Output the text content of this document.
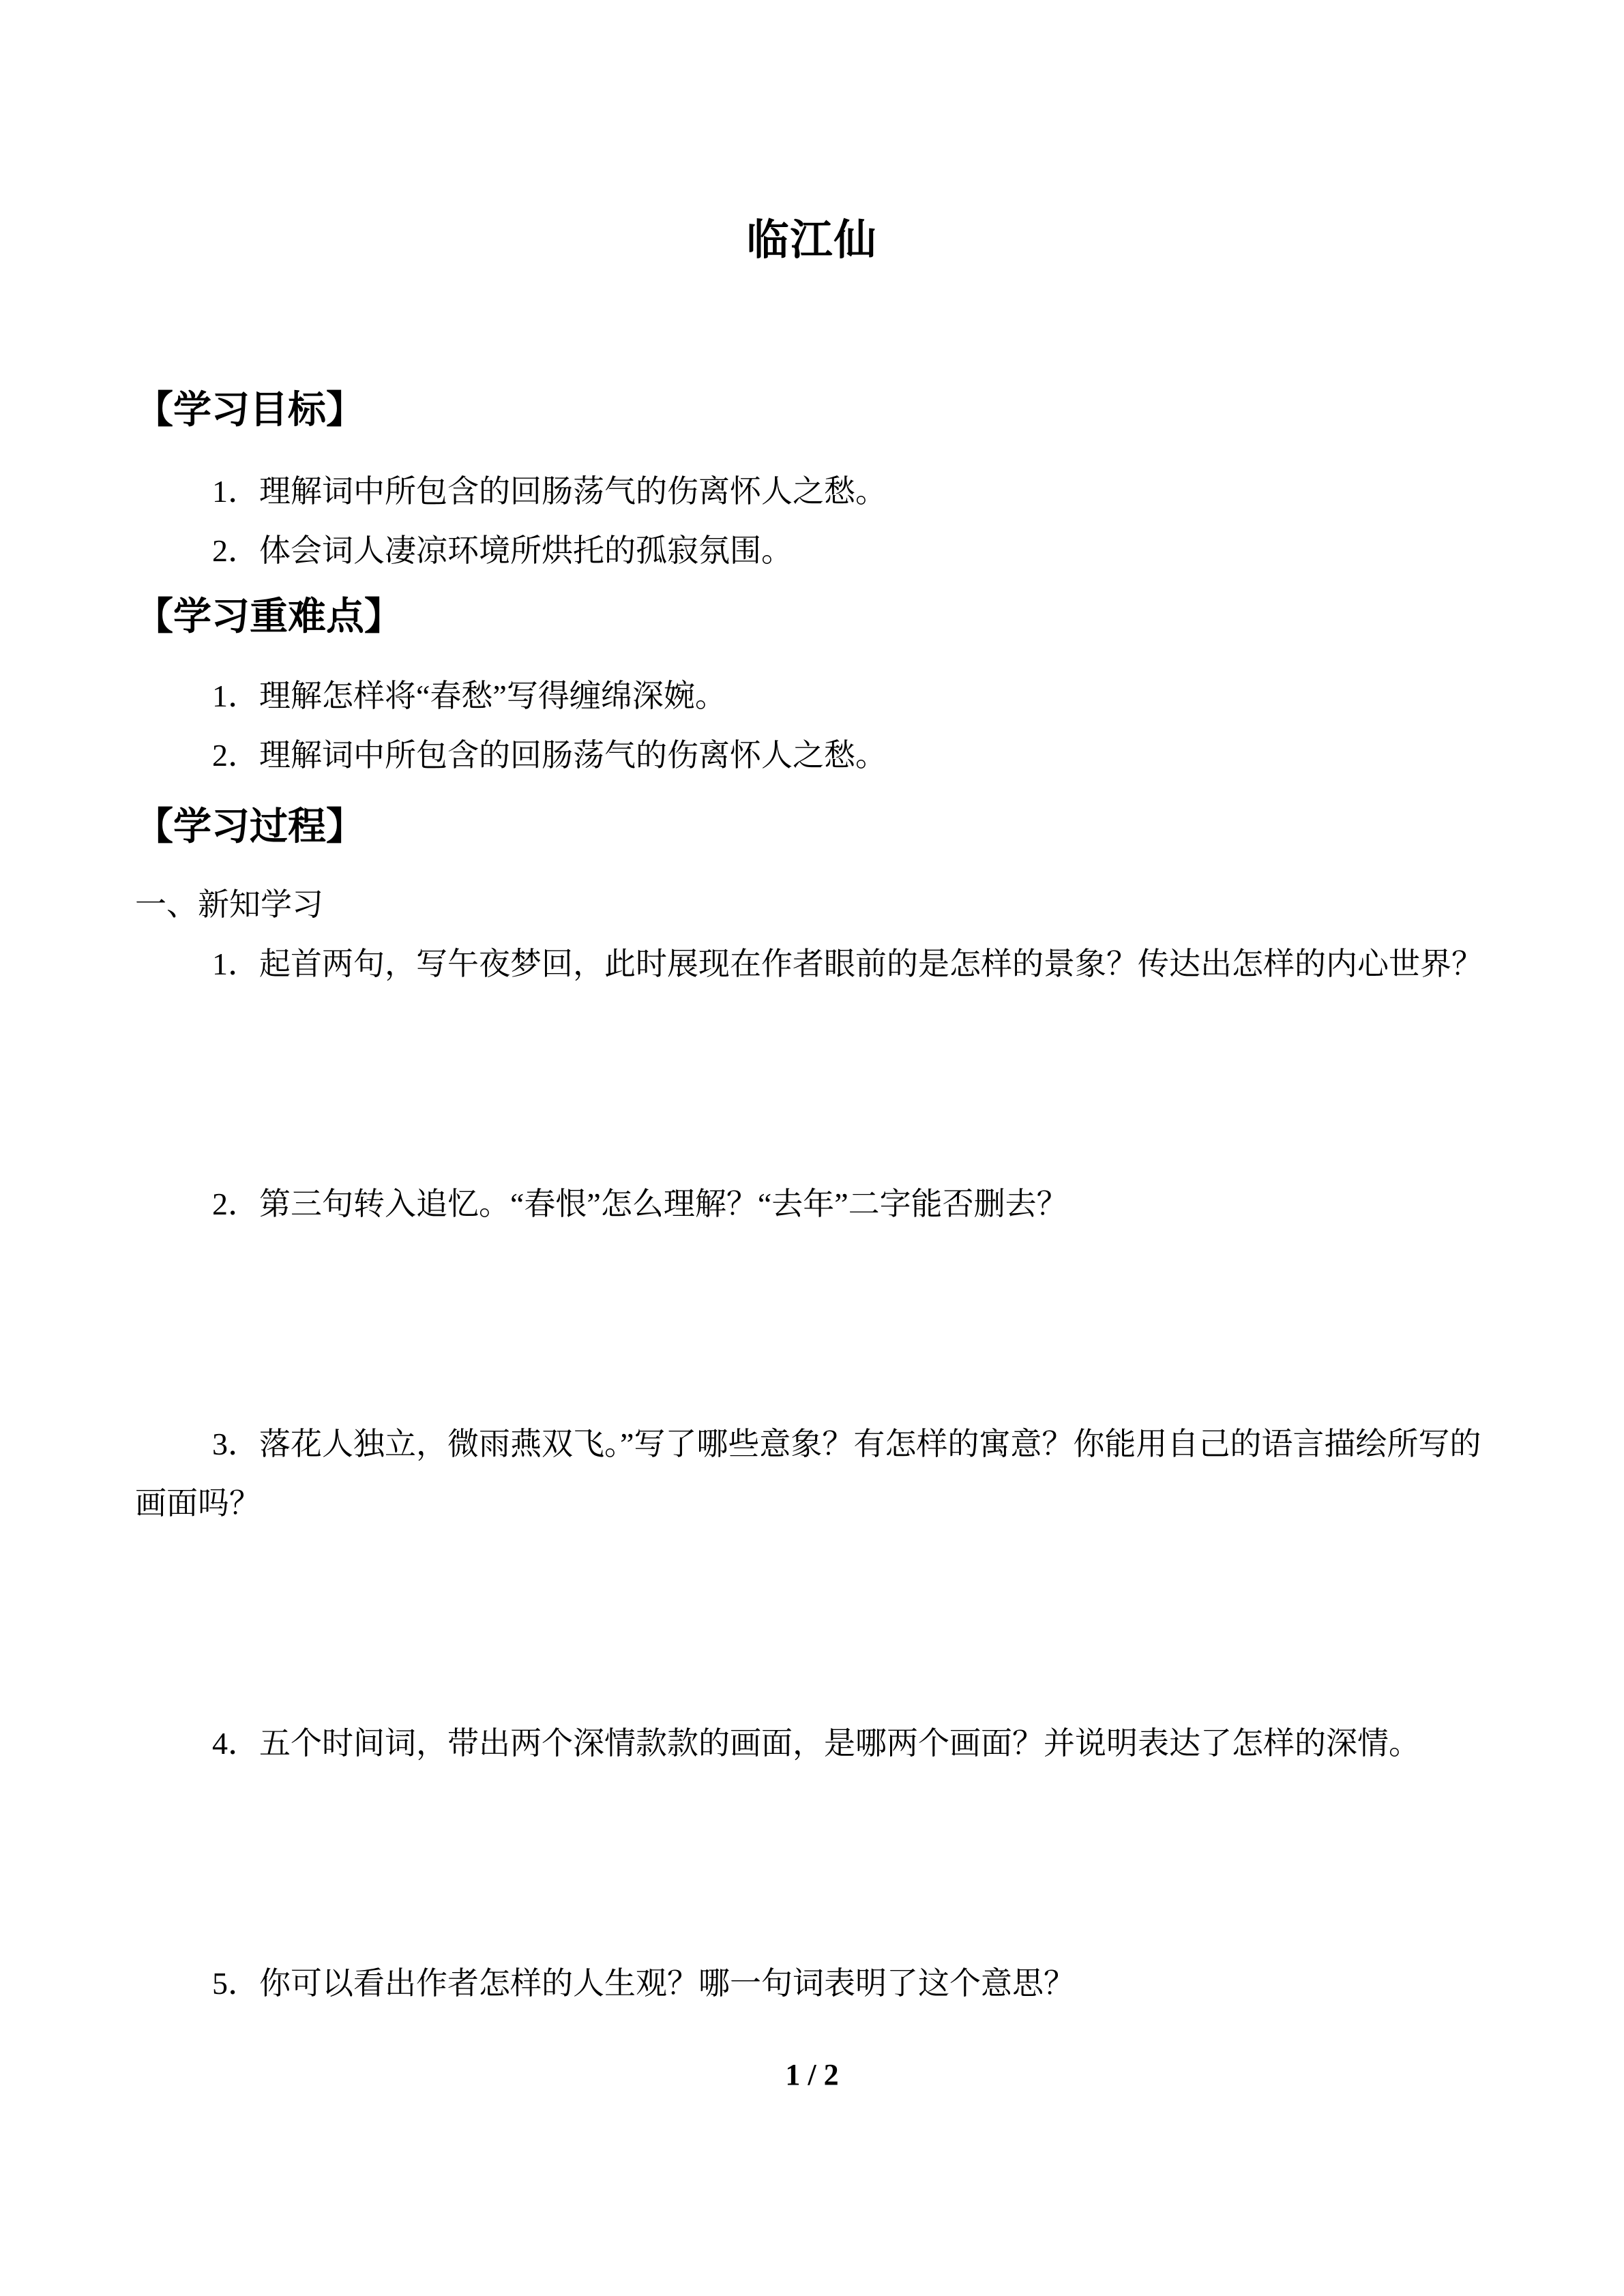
临江仙
【学习目标】

1．理解词中所包含的回肠荡气的伤离怀人之愁。

2．体会词人凄凉环境所烘托的孤寂氛围。

【学习重难点】

1．理解怎样将“春愁”写得缠绵深婉。

2．理解词中所包含的回肠荡气的伤离怀人之愁。

【学习过程】

一、新知学习

1．起首两句，写午夜梦回，此时展现在作者眼前的是怎样的景象？传达出怎样的内心世界？

2．第三句转入追忆。“春恨”怎么理解？“去年”二字能否删去？

3．落花人独立，微雨燕双飞。”写了哪些意象？有怎样的寓意？你能用自己的语言描绘所写的画面吗？

4．五个时间词，带出两个深情款款的画面，是哪两个画面？并说明表达了怎样的深情。

5．你可以看出作者怎样的人生观？哪一句词表明了这个意思？

1 / 2
